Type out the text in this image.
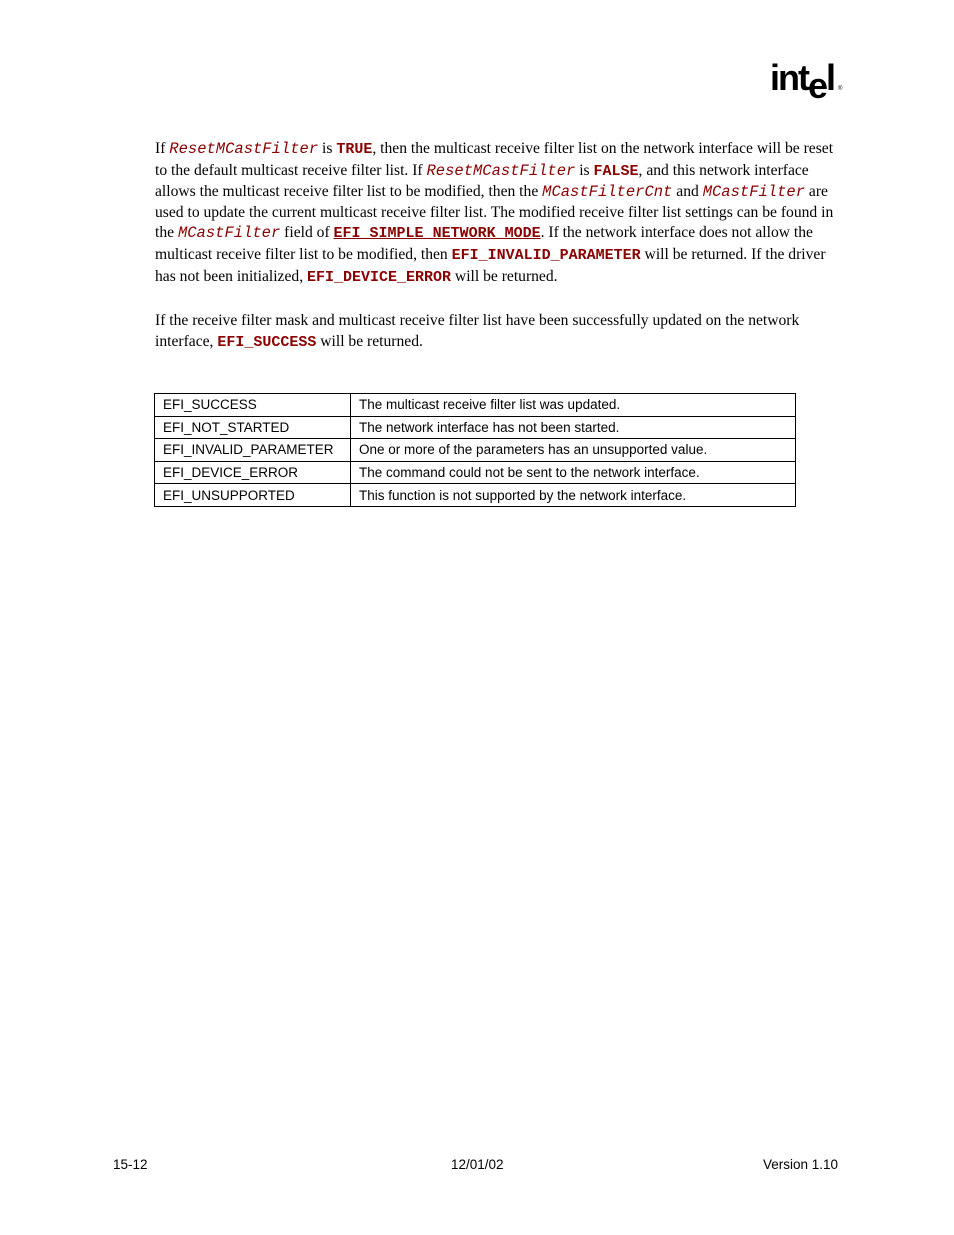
intel ®
If ResetMCastFilter is TRUE, then the multicast receive filter list on the network interface will be reset to the default multicast receive filter list. If ResetMCastFilter is FALSE, and this network interface allows the multicast receive filter list to be modified, then the MCastFilterCnt and MCastFilter are used to update the current multicast receive filter list. The modified receive filter list settings can be found in the MCastFilter field of EFI_SIMPLE_NETWORK_MODE. If the network interface does not allow the multicast receive filter list to be modified, then EFI_INVALID_PARAMETER will be returned. If the driver has not been initialized, EFI_DEVICE_ERROR will be returned.
If the receive filter mask and multicast receive filter list have been successfully updated on the network interface, EFI_SUCCESS will be returned.
EFI_SUCCESS	The multicast receive filter list was updated.
EFI_NOT_STARTED	The network interface has not been started.
EFI_INVALID_PARAMETER	One or more of the parameters has an unsupported value.
EFI_DEVICE_ERROR	The command could not be sent to the network interface.
EFI_UNSUPPORTED	This function is not supported by the network interface.
15-12	12/01/02	Version 1.10
